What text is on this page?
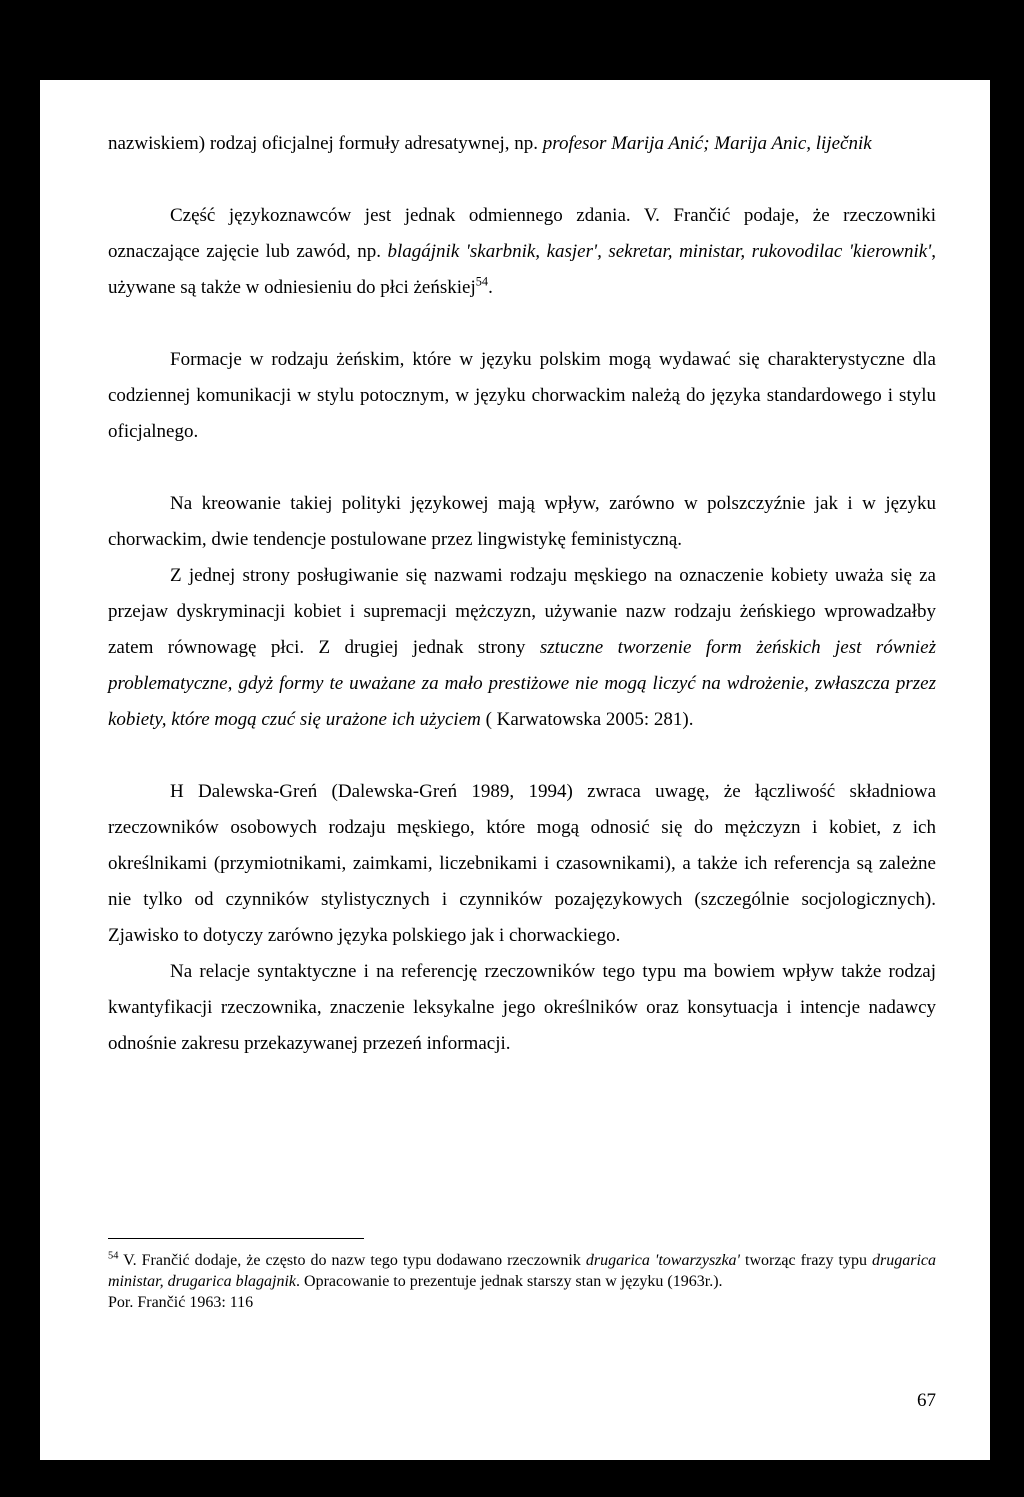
nazwiskiem) rodzaj oficjalnej formuły adresatywnej, np. profesor Marija Anić; Marija Anic, liječnik

Część językoznawców jest jednak odmiennego zdania. V. Frančić podaje, że rzeczowniki oznaczające zajęcie lub zawód, np. blagájnik 'skarbnik, kasjer', sekretar, ministar, rukovodilac 'kierownik', używane są także w odniesieniu do płci żeńskiej$^{54}$.

Formacje w rodzaju żeńskim, które w języku polskim mogą wydawać się charakterystyczne dla codziennej komunikacji w stylu potocznym, w języku chorwackim należą do języka standardowego i stylu oficjalnego.

Na kreowanie takiej polityki językowej mają wpływ, zarówno w polszczyźnie jak i w języku chorwackim, dwie tendencje postulowane przez lingwistykę feministyczną.

Z jednej strony posługiwanie się nazwami rodzaju męskiego na oznaczenie kobiety uważa się za przejaw dyskryminacji kobiet i supremacji mężczyzn, używanie nazw rodzaju żeńskiego wprowadzałby zatem równowagę płci. Z drugiej jednak strony sztuczne tworzenie form żeńskich jest również problematyczne, gdyż formy te uważane za mało prestiżowe nie mogą liczyć na wdrożenie, zwłaszcza przez kobiety, które mogą czuć się urażone ich użyciem ( Karwatowska 2005: 281).

H Dalewska-Greń (Dalewska-Greń 1989, 1994) zwraca uwagę, że łączliwość składniowa rzeczowników osobowych rodzaju męskiego, które mogą odnosić się do mężczyzn i kobiet, z ich określnikami (przymiotnikami, zaimkami, liczebnikami i czasownikami), a także ich referencja są zależne nie tylko od czynników stylistycznych i czynników pozajęzykowych (szczególnie socjologicznych). Zjawisko to dotyczy zarówno języka polskiego jak i chorwackiego.

Na relacje syntaktyczne i na referencję rzeczowników tego typu ma bowiem wpływ także rodzaj kwantyfikacji rzeczownika, znaczenie leksykalne jego określników oraz konsytuacja i intencje nadawcy odnośnie zakresu przekazywanej przezeń informacji.

$^{54}$ V. Frančić dodaje, że często do nazw tego typu dodawano rzeczownik drugarica 'towarzyszka' tworząc frazy typu drugarica ministar, drugarica blagajnik. Opracowanie to prezentuje jednak starszy stan w języku (1963r.).

Por. Frančić 1963: 116

67
